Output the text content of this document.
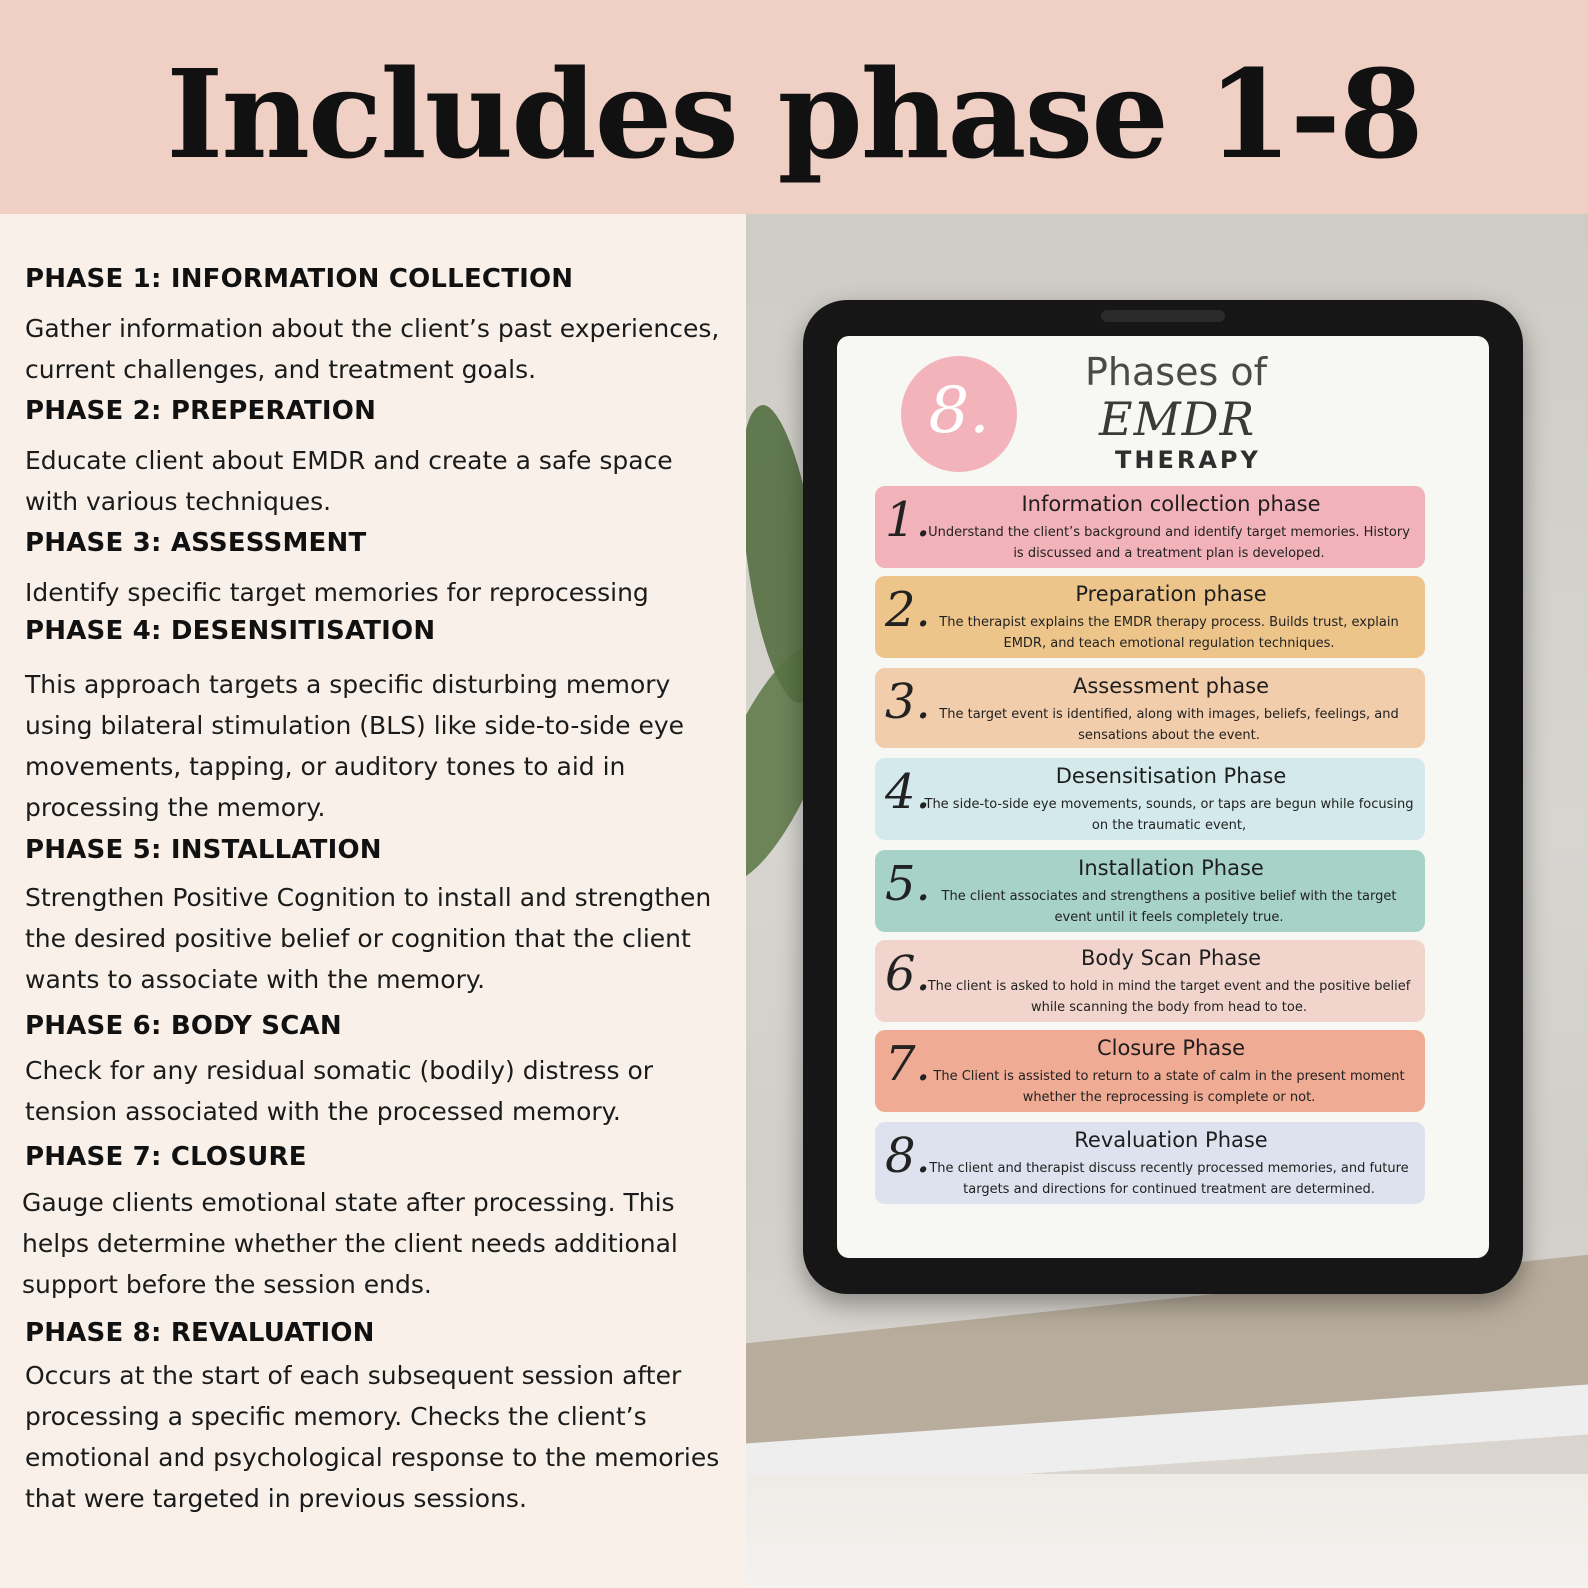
Includes phase 1-8
PHASE 1: INFORMATION COLLECTION
Gather information about the client’s past experiences, current challenges, and treatment goals.
PHASE 2: PREPERATION
Educate client about EMDR and create a safe space with various techniques.
PHASE 3: ASSESSMENT
Identify specific target memories for reprocessing
PHASE 4: DESENSITISATION
This approach targets a specific disturbing memory using bilateral stimulation (BLS) like side-to-side eye movements, tapping, or auditory tones to aid in processing the memory.
PHASE 5: INSTALLATION
Strengthen Positive Cognition to install and strengthen the desired positive belief or cognition that the client wants to associate with the memory.
PHASE 6: BODY SCAN
Check for any residual somatic (bodily) distress or tension associated with the processed memory.
PHASE 7: CLOSURE
Gauge clients emotional state after processing. This helps determine whether the client needs additional support before the session ends.
PHASE 8: REVALUATION
Occurs at the start of each subsequent session after processing a specific memory. Checks the client’s emotional and psychological response to the memories that were targeted in previous sessions.
8.
Phases of
EMDR
THERAPY
1.	Information collection phase
Understand the client’s background and identify target memories. History is discussed and a treatment plan is developed.
2.	Preparation phase
The therapist explains the EMDR therapy process. Builds trust, explain EMDR, and teach emotional regulation techniques.
3.	Assessment phase
The target event is identified, along with images, beliefs, feelings, and sensations about the event.
4.	Desensitisation Phase
The side-to-side eye movements, sounds, or taps are begun while focusing on the traumatic event,
5.	Installation Phase
The client associates and strengthens a positive belief with the target event until it feels completely true.
6.	Body Scan Phase
The client is asked to hold in mind the target event and the positive belief while scanning the body from head to toe.
7.	Closure Phase
The Client is assisted to return to a state of calm in the present moment whether the reprocessing is complete or not.
8.	Revaluation Phase
The client and therapist discuss recently processed memories, and future targets and directions for continued treatment are determined.
